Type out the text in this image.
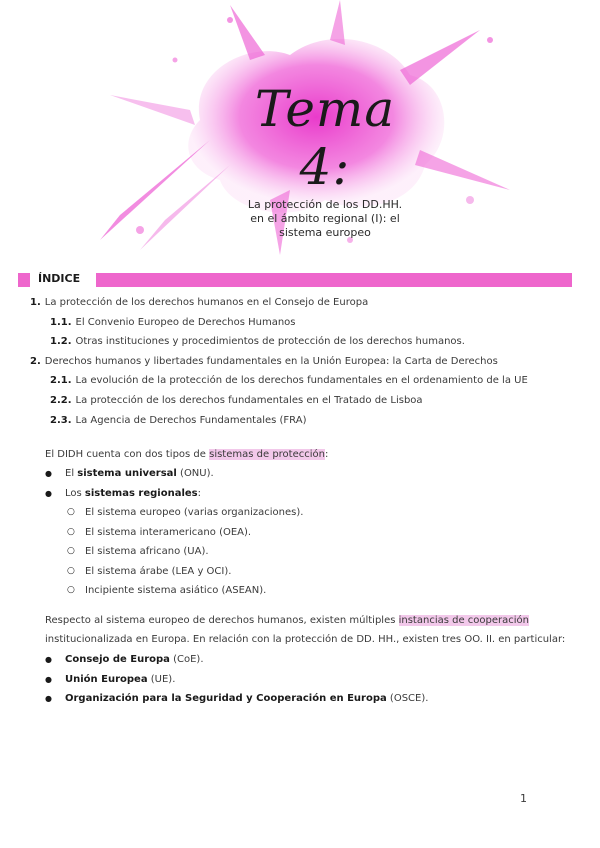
Tema 4:
La protección de los DD.HH.
en el ámbito regional (I): el
sistema europeo
ÍNDICE
1. La protección de los derechos humanos en el Consejo de Europa
1.1. El Convenio Europeo de Derechos Humanos
1.2. Otras instituciones y procedimientos de protección de los derechos humanos.
2. Derechos humanos y libertades fundamentales en la Unión Europea: la Carta de Derechos
2.1. La evolución de la protección de los derechos fundamentales en el ordenamiento de la UE
2.2. La protección de los derechos fundamentales en el Tratado de Lisboa
2.3. La Agencia de Derechos Fundamentales (FRA)
El DIDH cuenta con dos tipos de sistemas de protección:
● El sistema universal (ONU).
● Los sistemas regionales:
○ El sistema europeo (varias organizaciones).
○ El sistema interamericano (OEA).
○ El sistema africano (UA).
○ El sistema árabe (LEA y OCI).
○ Incipiente sistema asiático (ASEAN).
Respecto al sistema europeo de derechos humanos, existen múltiples instancias de cooperación
institucionalizada en Europa. En relación con la protección de DD. HH., existen tres OO. II. en particular:
● Consejo de Europa (CoE).
● Unión Europea (UE).
● Organización para la Seguridad y Cooperación en Europa (OSCE).
1
